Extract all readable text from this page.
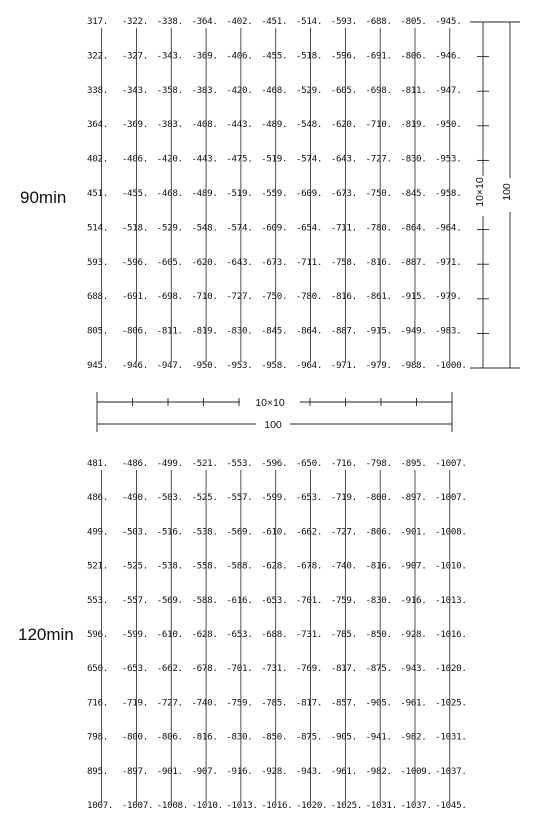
317. -322. -338. -364. -402. -451. -514. -593. -688. -805. -945.
322. -327. -343. -369. -406. -455. -518. -596. -691. -806. -946.
338. -343. -358. -383. -420. -468. -529. -605. -698. -811. -947.
364. -369. -383. -408. -443. -489. -548. -620. -710. -819. -950.
402. -406. -420. -443. -475. -519. -574. -643. -727. -830. -953.
451. -455. -468. -489. -519. -559. -609. -673. -750. -845. -958.
514. -518. -529. -548. -574. -609. -654. -711. -780. -864. -964.
593. -596. -605. -620. -643. -673. -711. -758. -816. -887. -971.
688. -691. -698. -710. -727. -750. -780. -816. -861. -915. -979.
805. -806. -811. -819. -830. -845. -864. -887. -915. -949. -983.
945. -946. -947. -950. -953. -958. -964. -971. -979. -988. -1000.
481. -486. -499. -521. -553. -596. -650. -716. -798. -895. -1007.
486. -490. -503. -525. -557. -599. -653. -719. -800. -897. -1007.
499. -503. -516. -538. -569. -610. -662. -727. -806. -901. -1008.
521. -525. -538. -558. -588. -628. -678. -740. -816. -907. -1010.
553. -557. -569. -588. -616. -653. -701. -759. -830. -916. -1013.
596. -599. -610. -628. -653. -688. -731. -785. -850. -928. -1016.
650. -653. -662. -678. -701. -731. -769. -817. -875. -943. -1020.
716. -719. -727. -740. -759. -785. -817. -857. -905. -961. -1025.
798. -800. -806. -816. -830. -850. -875. -905. -941. -982. -1031.
895. -897. -901. -907. -916. -928. -943. -961. -982. -1009. -1037.
1007. -1007. -1008. -1010. -1013. -1016. -1020. -1025. -1031. -1037. -1045.
90min
120min
10×10
100
10×10 100
